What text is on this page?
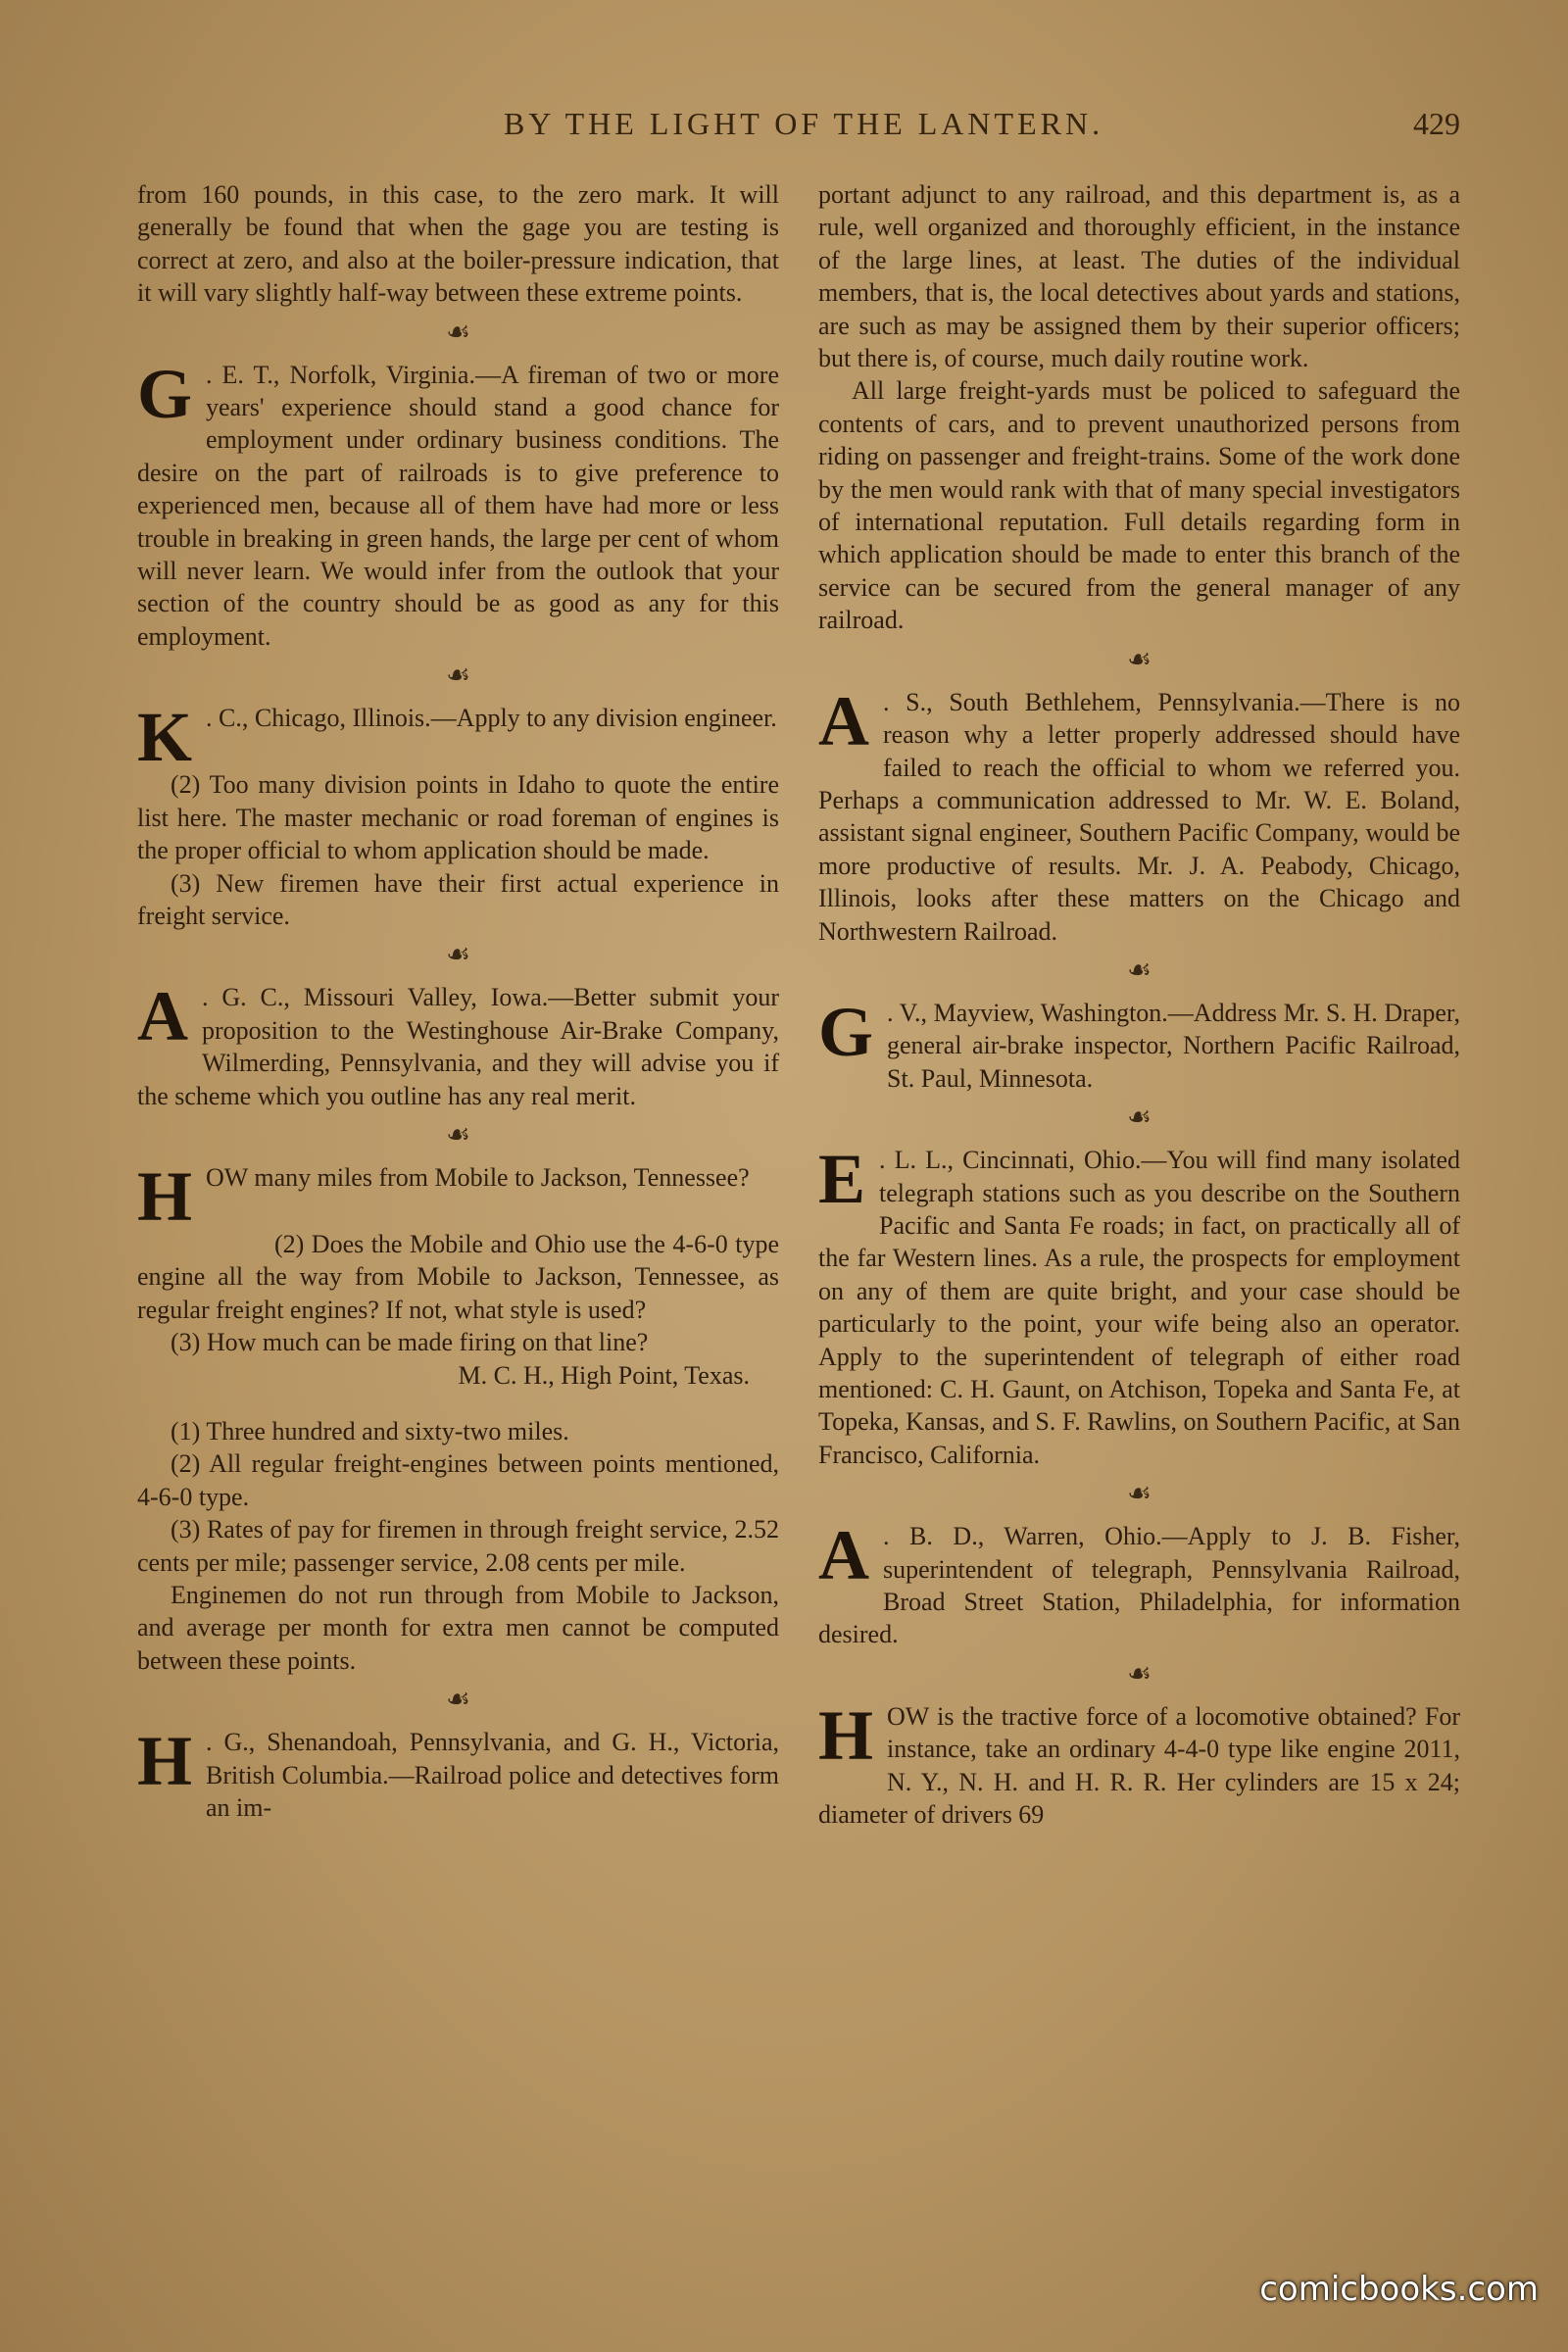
BY THE LIGHT OF THE LANTERN.	429

from 160 pounds, in this case, to the zero mark. It will generally be found that when the gage you are testing is correct at zero, and also at the boiler-pressure indication, that it will vary slightly half-way between these extreme points.

☙
G . E. T., Norfolk, Virginia.—A fireman of two or more years' experience should stand a good chance for employment under ordinary business conditions. The desire on the part of railroads is to give preference to experienced men, because all of them have had more or less trouble in breaking in green hands, the large per cent of whom will never learn. We would infer from the outlook that your section of the country should be as good as any for this employment.
☙
K . C., Chicago, Illinois.—Apply to any division engineer.

(2) Too many division points in Idaho to quote the entire list here. The master mechanic or road foreman of engines is the proper official to whom application should be made.

(3) New firemen have their first actual experience in freight service.

☙
A . G. C., Missouri Valley, Iowa.—Better submit your proposition to the Westinghouse Air-Brake Company, Wilmerding, Pennsylvania, and they will advise you if the scheme which you outline has any real merit.
☙
H OW many miles from Mobile to Jackson, Tennessee?

(2) Does the Mobile and Ohio use the 4-6-0 type engine all the way from Mobile to Jackson, Tennessee, as regular freight engines? If not, what style is used?

(3) How much can be made firing on that line?

M. C. H., High Point, Texas.

(1) Three hundred and sixty-two miles.

(2) All regular freight-engines between points mentioned, 4-6-0 type.

(3) Rates of pay for firemen in through freight service, 2.52 cents per mile; passenger service, 2.08 cents per mile.

Enginemen do not run through from Mobile to Jackson, and average per month for extra men cannot be computed between these points.

☙
H . G., Shenandoah, Pennsylvania, and G. H., Victoria, British Columbia.—Railroad police and detectives form an im-

portant adjunct to any railroad, and this department is, as a rule, well organized and thoroughly efficient, in the instance of the large lines, at least. The duties of the individual members, that is, the local detectives about yards and stations, are such as may be assigned them by their superior officers; but there is, of course, much daily routine work.

All large freight-yards must be policed to safeguard the contents of cars, and to prevent unauthorized persons from riding on passenger and freight-trains. Some of the work done by the men would rank with that of many special investigators of international reputation. Full details regarding form in which application should be made to enter this branch of the service can be secured from the general manager of any railroad.

☙
A . S., South Bethlehem, Pennsylvania.—There is no reason why a letter properly addressed should have failed to reach the official to whom we referred you. Perhaps a communication addressed to Mr. W. E. Boland, assistant signal engineer, Southern Pacific Company, would be more productive of results. Mr. J. A. Peabody, Chicago, Illinois, looks after these matters on the Chicago and Northwestern Railroad.
☙
G . V., Mayview, Washington.—Address Mr. S. H. Draper, general air-brake inspector, Northern Pacific Railroad, St. Paul, Minnesota.
☙
E . L. L., Cincinnati, Ohio.—You will find many isolated telegraph stations such as you describe on the Southern Pacific and Santa Fe roads; in fact, on practically all of the far Western lines. As a rule, the prospects for employment on any of them are quite bright, and your case should be particularly to the point, your wife being also an operator. Apply to the superintendent of telegraph of either road mentioned: C. H. Gaunt, on Atchison, Topeka and Santa Fe, at Topeka, Kansas, and S. F. Rawlins, on Southern Pacific, at San Francisco, California.
☙
A . B. D., Warren, Ohio.—Apply to J. B. Fisher, superintendent of telegraph, Pennsylvania Railroad, Broad Street Station, Philadelphia, for information desired.
☙
H OW is the tractive force of a locomotive obtained? For instance, take an ordinary 4-4-0 type like engine 2011, N. Y., N. H. and H. R. R. Her cylinders are 15 x 24; diameter of drivers 69
comicbooks.com
